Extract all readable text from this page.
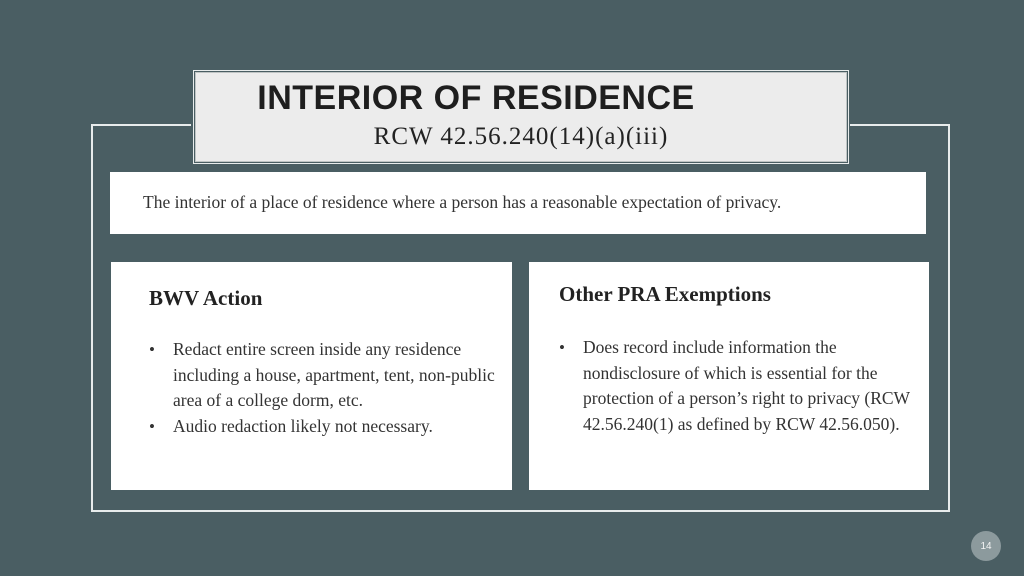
INTERIOR OF RESIDENCE
RCW 42.56.240(14)(a)(iii)
The interior of a place of residence where a person has a reasonable expectation of privacy.
BWV Action
• Redact entire screen inside any residence including a house, apartment, tent, non-public area of a college dorm, etc.
• Audio redaction likely not necessary.
Other PRA Exemptions
• Does record include information the nondisclosure of which is essential for the protection of a person’s right to privacy (RCW 42.56.240(1) as defined by RCW 42.56.050).
14
